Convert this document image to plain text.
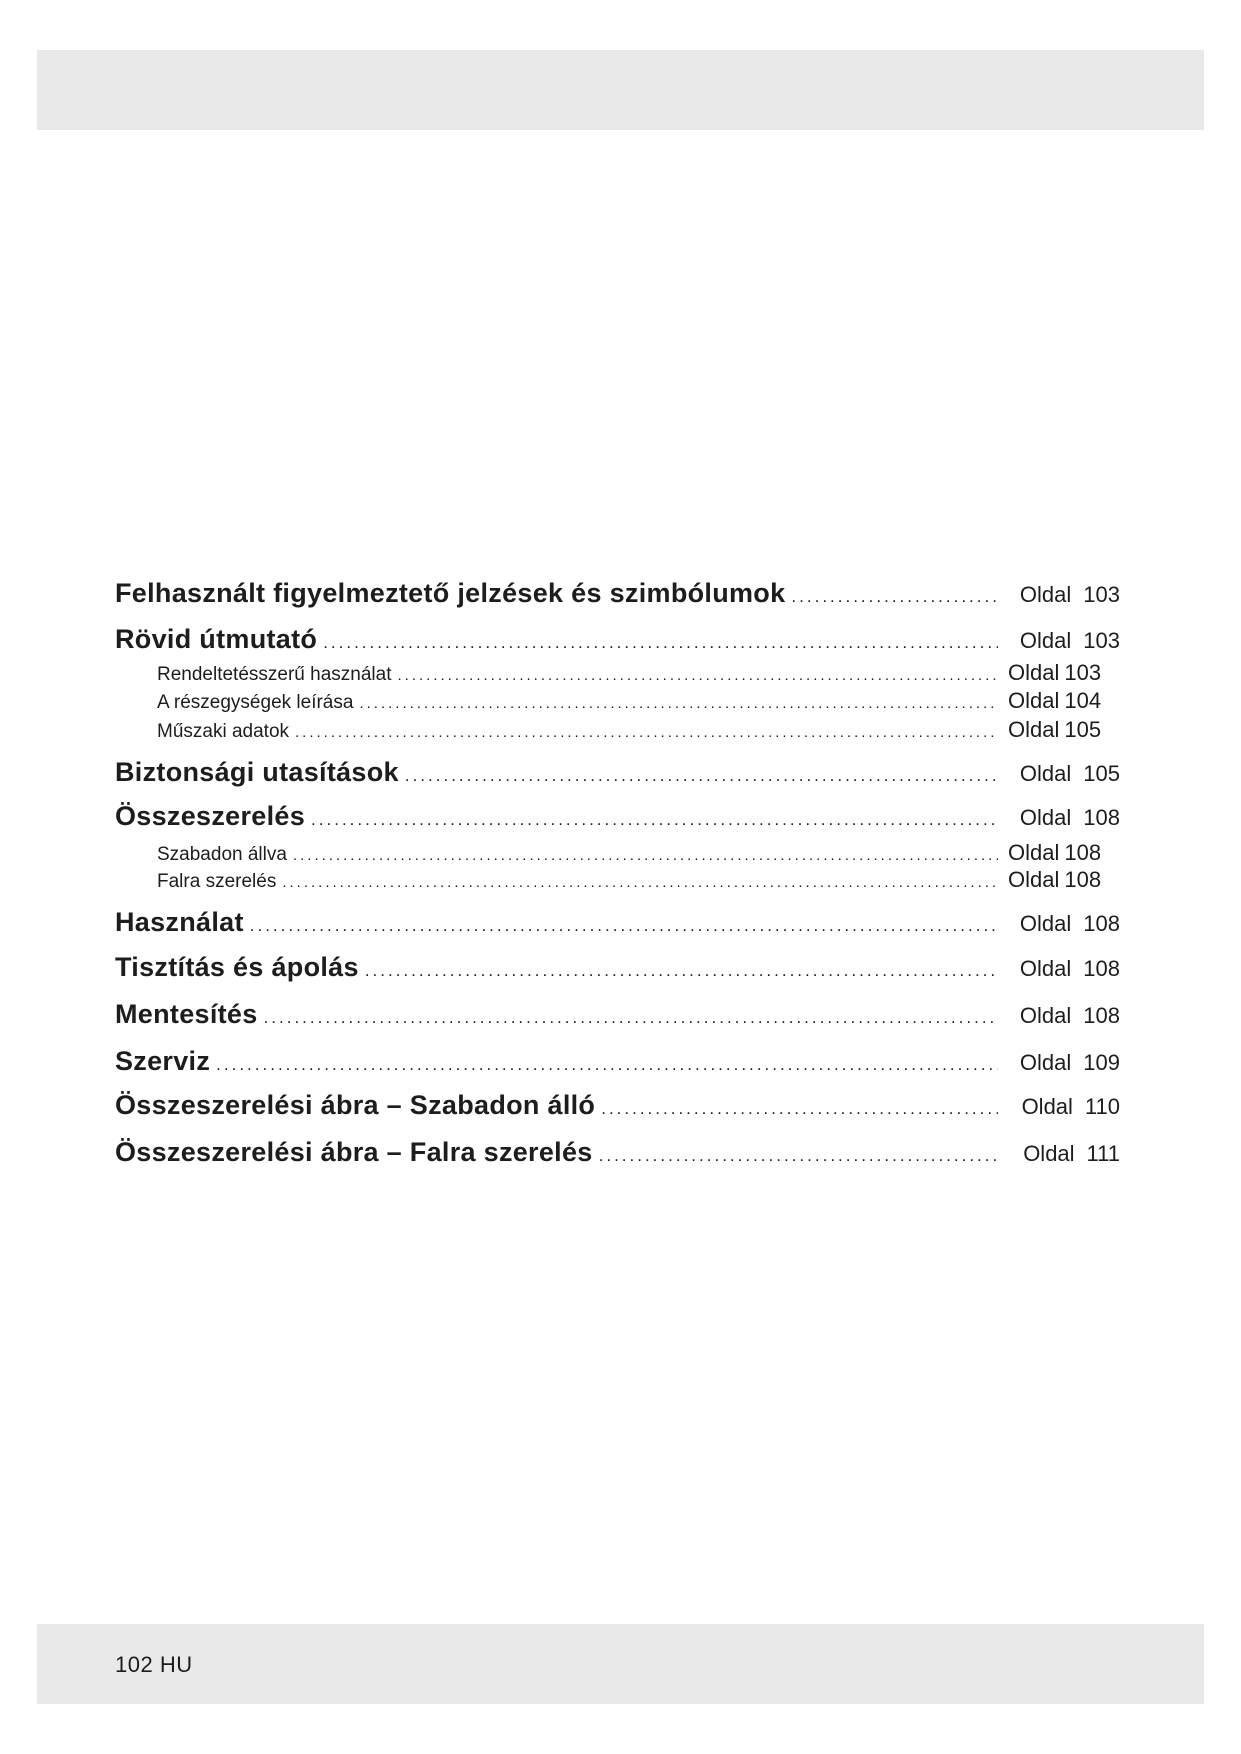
Felhasznált figyelmeztető jelzések és szimbólumok .....	Oldal 103
Rövid útmutató .....	Oldal 103
Rendeltetésszerű használat .....	Oldal 103
A részegységek leírása .....	Oldal 104
Műszaki adatok .....	Oldal 105
Biztonsági utasítások .....	Oldal 105
Összeszerelés .....	Oldal 108
Szabadon állva .....	Oldal 108
Falra szerelés .....	Oldal 108
Használat .....	Oldal 108
Tisztítás és ápolás .....	Oldal 108
Mentesítés .....	Oldal 108
Szerviz .....	Oldal 109
Összeszerelési ábra – Szabadon álló .....	Oldal 110
Összeszerelési ábra – Falra szerelés .....	Oldal 111
102 HU
